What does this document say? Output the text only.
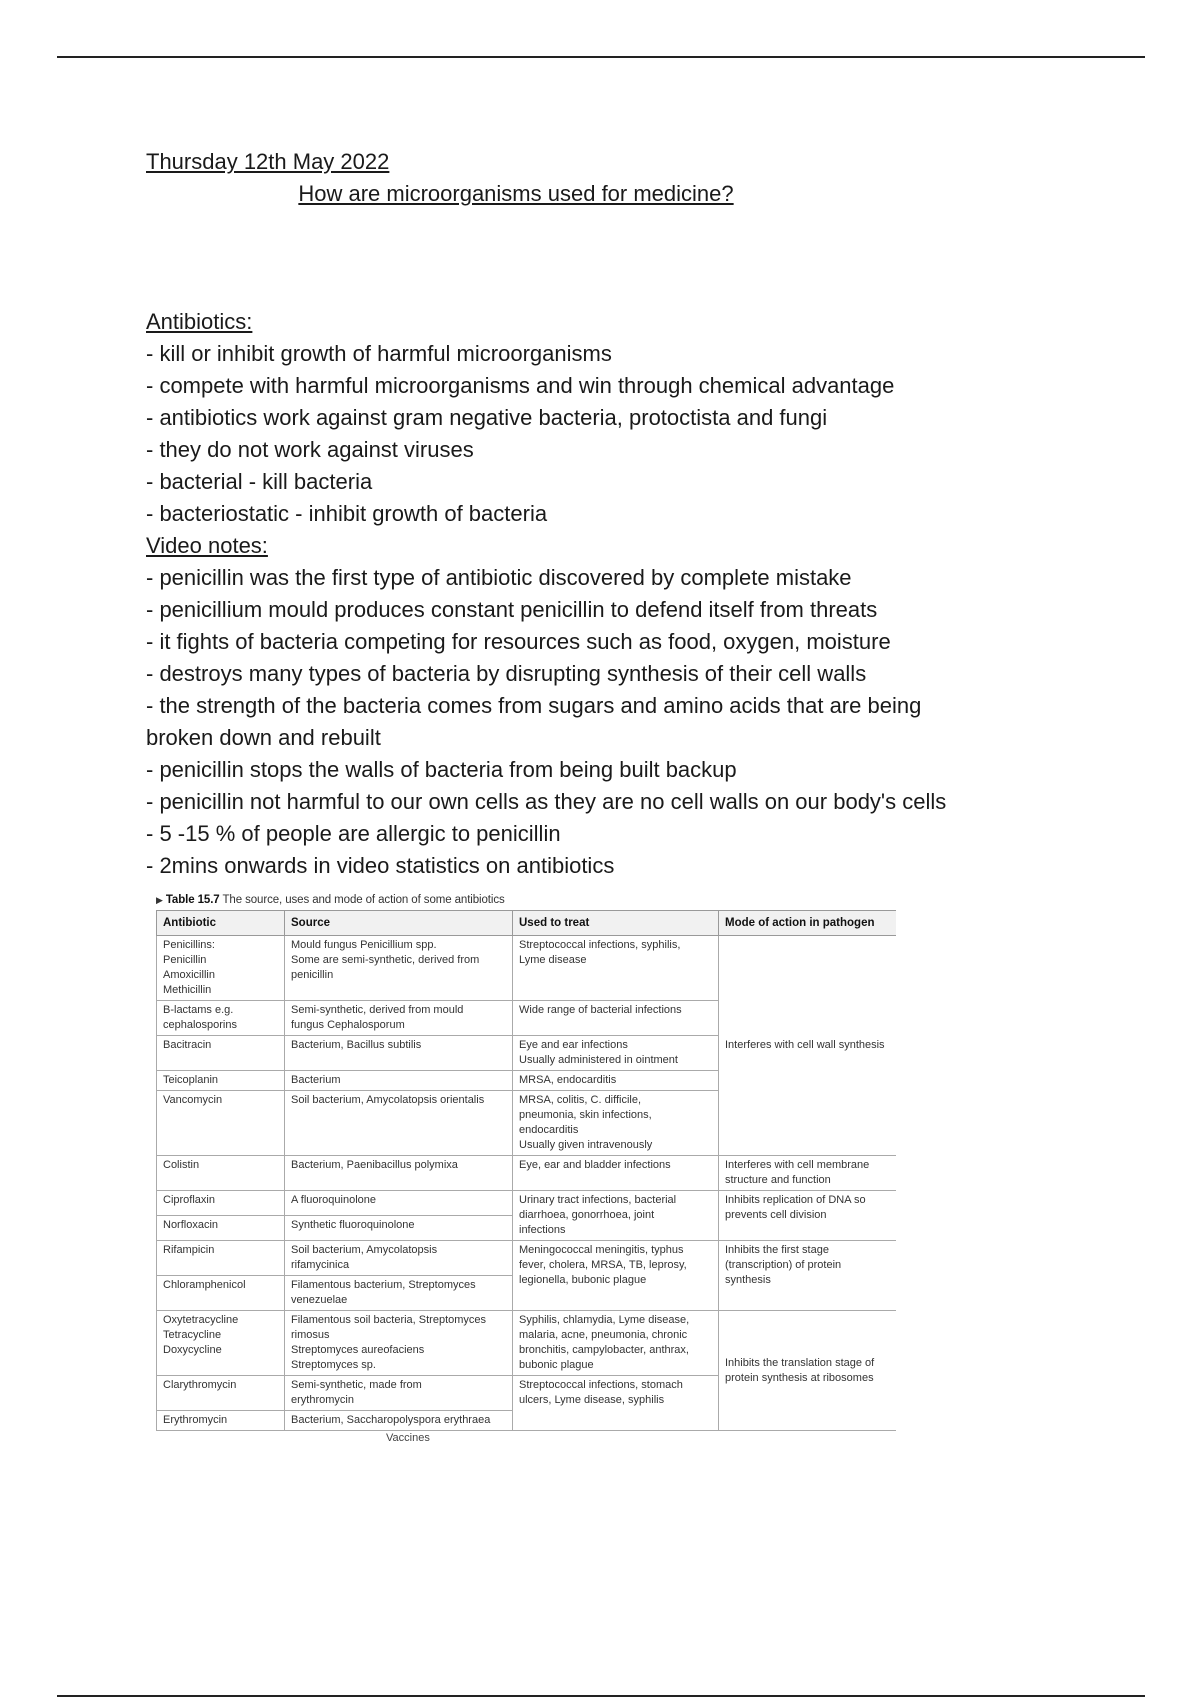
Thursday 12th May 2022
How are microorganisms used for medicine?
Antibiotics:
- kill or inhibit growth of harmful microorganisms
- compete with harmful microorganisms and win through chemical advantage
- antibiotics work against gram negative bacteria, protoctista and fungi
- they do not work against viruses
- bacterial - kill bacteria
- bacteriostatic - inhibit growth of bacteria
Video notes:
- penicillin was the first type of antibiotic discovered by complete mistake
- penicillium mould produces constant penicillin to defend itself from threats
- it fights of bacteria competing for resources such as food, oxygen, moisture
- destroys many types of bacteria by disrupting synthesis of their cell walls
- the strength of the bacteria comes from sugars and amino acids that are being
broken down and rebuilt
- penicillin stops the walls of bacteria from being built backup
- penicillin not harmful to our own cells as they are no cell walls on our body's cells
- 5 -15 % of people are allergic to penicillin
- 2mins onwards in video statistics on antibiotics
▶ Table 15.7 The source, uses and mode of action of some antibiotics
Antibiotic	Source	Used to treat	Mode of action in pathogen

Penicillins:
Penicillin
Amoxicillin
Methicillin	Mould fungus Penicillium spp.
Some are semi-synthetic, derived from
penicillin	Streptococcal infections, syphilis,
Lyme disease	Interferes with cell wall synthesis

B-lactams e.g.
cephalosporins	Semi-synthetic, derived from mould
fungus Cephalosporum	Wide range of bacterial infections	

Bacitracin	Bacterium, Bacillus subtilis	Eye and ear infections
Usually administered in ointment	

Teicoplanin	Bacterium	MRSA, endocarditis	

Vancomycin	Soil bacterium, Amycolatopsis orientalis	MRSA, colitis, C. difficile,
pneumonia, skin infections,
endocarditis
Usually given intravenously	

Colistin	Bacterium, Paenibacillus polymixa	Eye, ear and bladder infections	Interferes with cell membrane
structure and function

Ciproflaxin	A fluoroquinolone	Urinary tract infections, bacterial
diarrhoea, gonorrhoea, joint
infections	Inhibits replication of DNA so
prevents cell division

Norfloxacin	Synthetic fluoroquinolone		

Rifampicin	Soil bacterium, Amycolatopsis
rifamycinica	Meningococcal meningitis, typhus
fever, cholera, MRSA, TB, leprosy,
legionella, bubonic plague	Inhibits the first stage
(transcription) of protein
synthesis

Chloramphenicol	Filamentous bacterium, Streptomyces
venezuelae		

Oxytetracycline
Tetracycline
Doxycycline	Filamentous soil bacteria, Streptomyces
rimosus
Streptomyces aureofaciens
Streptomyces sp.	Syphilis, chlamydia, Lyme disease,
malaria, acne, pneumonia, chronic
bronchitis, campylobacter, anthrax,
bubonic plague	Inhibits the translation stage of
protein synthesis at ribosomes

Clarythromycin	Semi-synthetic, made from
erythromycin	Streptococcal infections, stomach
ulcers, Lyme disease, syphilis	

Erythromycin	Bacterium, Saccharopolyspora erythraea		
Vaccines
